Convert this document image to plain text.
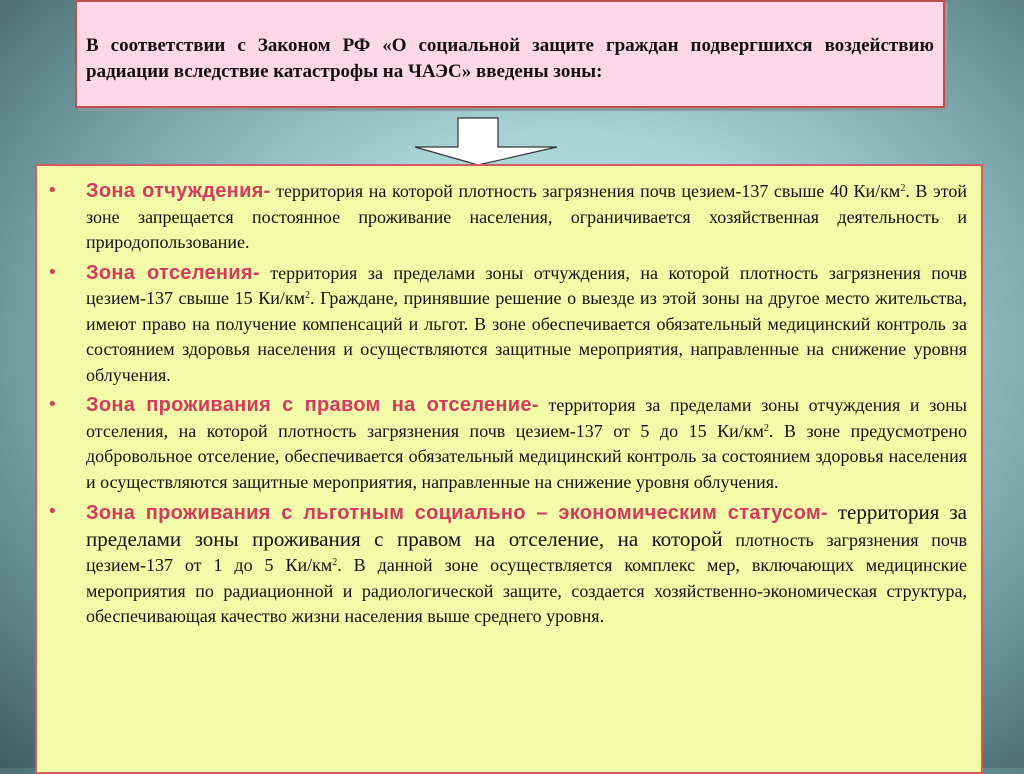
В соответствии с Законом РФ «О социальной защите граждан подвергшихся воздействию радиации вследствие катастрофы на ЧАЭС» введены зоны:
• Зона отчуждения- территория на которой плотность загрязнения почв цезием-137 свыше 40 $Ки/км^2$. В этой зоне запрещается постоянное проживание населения, ограничивается хозяйственная деятельность и природопользование.
• Зона отселения- территория за пределами зоны отчуждения, на которой плотность загрязнения почв цезием-137 свыше 15 $Ки/км^2$. Граждане, принявшие решение о выезде из этой зоны на другое место жительства, имеют право на получение компенсаций и льгот. В зоне обеспечивается обязательный медицинский контроль за состоянием здоровья населения и осуществляются защитные мероприятия, направленные на снижение уровня облучения.
• Зона проживания с правом на отселение- территория за пределами зоны отчуждения и зоны отселения, на которой плотность загрязнения почв цезием-137 от 5 до 15 $Ки/км^2$. В зоне предусмотрено добровольное отселение, обеспечивается обязательный медицинский контроль за состоянием здоровья населения и осуществляются защитные мероприятия, направленные на снижение уровня облучения.
• Зона проживания с льготным социально – экономическим статусом- территория за пределами зоны проживания с правом на отселение, на которой плотность загрязнения почв цезием-137 от 1 до 5 $Ки/км^2$. В данной зоне осуществляется комплекс мер, включающих медицинские мероприятия по радиационной и радиологической защите, создается хозяйственно-экономическая структура, обеспечивающая качество жизни населения выше среднего уровня.
